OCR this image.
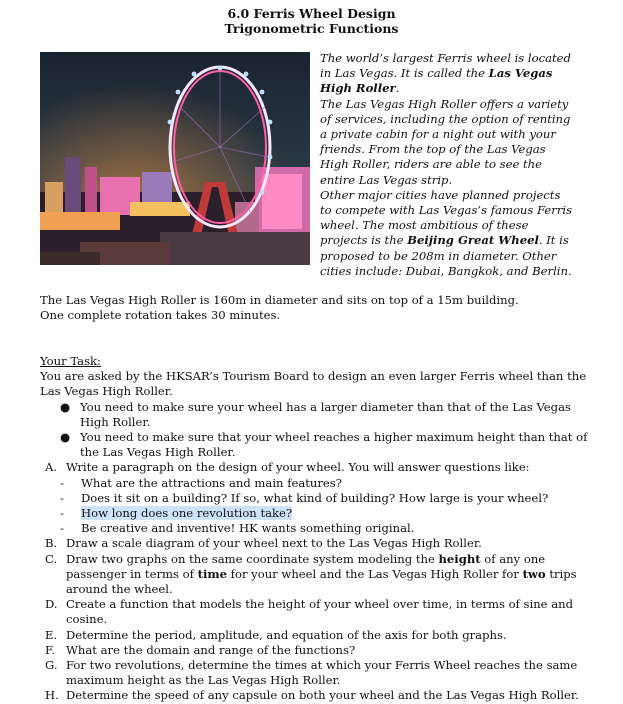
6.0 Ferris Wheel Design
Trigonometric Functions

The world’s largest Ferris wheel is located in Las Vegas. It is called the Las Vegas High Roller.

The Las Vegas High Roller offers a variety of services, including the option of renting a private cabin for a night out with your friends. From the top of the Las Vegas High Roller, riders are able to see the entire Las Vegas strip.

Other major cities have planned projects to compete with Las Vegas’s famous Ferris wheel. The most ambitious of these projects is the Beijing Great Wheel. It is proposed to be 208m in diameter. Other cities include: Dubai, Bangkok, and Berlin.

The Las Vegas High Roller is 160m in diameter and sits on top of a 15m building.

One complete rotation takes 30 minutes.

Your Task:

You are asked by the HKSAR’s Tourism Board to design an even larger Ferris wheel than the Las Vegas High Roller.

● You need to make sure your wheel has a larger diameter than that of the Las Vegas High Roller.
● You need to make sure that your wheel reaches a higher maximum height than that of the Las Vegas High Roller.
A. Write a paragraph on the design of your wheel. You will answer questions like:
- What are the attractions and main features?
- Does it sit on a building? If so, what kind of building? How large is your wheel?
- How long does one revolution take?
- Be creative and inventive! HK wants something original.
B. Draw a scale diagram of your wheel next to the Las Vegas High Roller.
C. Draw two graphs on the same coordinate system modeling the height of any one passenger in terms of time for your wheel and the Las Vegas High Roller for two trips around the wheel.
D. Create a function that models the height of your wheel over time, in terms of sine and cosine.
E. Determine the period, amplitude, and equation of the axis for both graphs.
F. What are the domain and range of the functions?
G. For two revolutions, determine the times at which your Ferris Wheel reaches the same maximum height as the Las Vegas High Roller.
H. Determine the speed of any capsule on both your wheel and the Las Vegas High Roller.
